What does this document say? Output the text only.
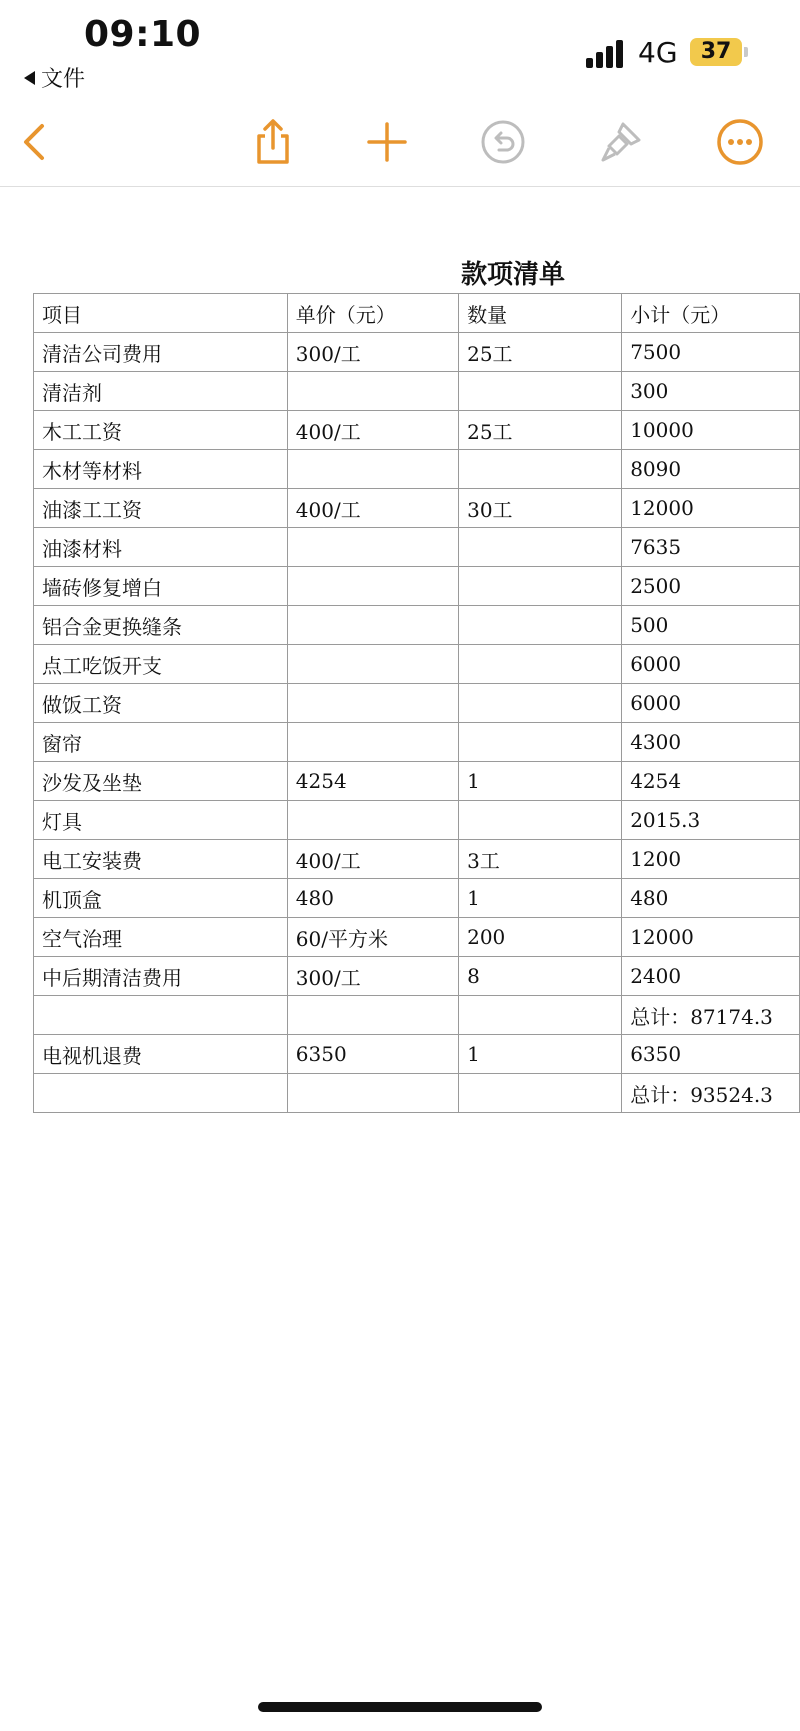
09:10
文件
4G	37
款项清单
项目	单价（元）	数量	小计（元）
清洁公司费用	300/工	25工	7500
清洁剂			300
木工工资	400/工	25工	10000
木材等材料			8090
油漆工工资	400/工	30工	12000
油漆材料			7635
墙砖修复增白			2500
铝合金更换缝条			500
点工吃饭开支			6000
做饭工资			6000
窗帘			4300
沙发及坐垫	4254	1	4254
灯具			2015.3
电工安装费	400/工	3工	1200
机顶盒	480	1	480
空气治理	60/平方米	200	12000
中后期清洁费用	300/工	8	2400
			总计：87174.3
电视机退费	6350	1	6350
			总计：93524.3
